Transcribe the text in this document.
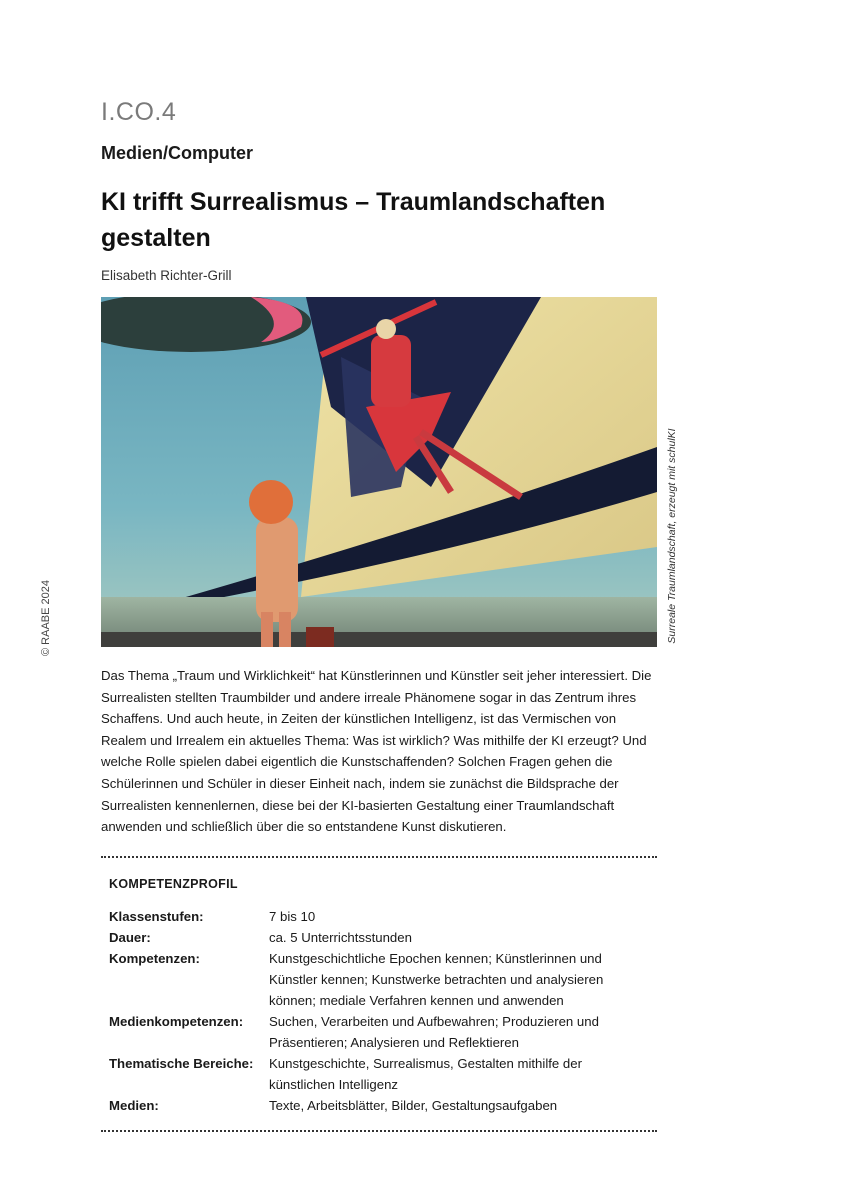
I.CO.4
Medien/Computer
KI trifft Surrealismus – Traumlandschaften gestalten
Elisabeth Richter-Grill
© RAABE 2024	Surreale Traumlandschaft, erzeugt mit schulKI
Das Thema „Traum und Wirklichkeit“ hat Künstlerinnen und Künstler seit jeher interessiert. Die Surrealisten stellten Traumbilder und andere irreale Phänomene sogar in das Zentrum ihres Schaffens. Und auch heute, in Zeiten der künstlichen Intelligenz, ist das Vermischen von Realem und Irrealem ein aktuelles Thema: Was ist wirklich? Was mithilfe der KI erzeugt? Und welche Rolle spielen dabei eigentlich die Kunstschaffenden? Solchen Fragen gehen die Schülerinnen und Schüler in dieser Einheit nach, indem sie zunächst die Bildsprache der Surrealisten kennenlernen, diese bei der KI-basierten Gestaltung einer Traumlandschaft anwenden und schließlich über die so entstandene Kunst diskutieren.
KOMPETENZPROFIL
Klassenstufen:	7 bis 10
Dauer:	ca. 5 Unterrichtsstunden
Kompetenzen:	Kunstgeschichtliche Epochen kennen; Künstlerinnen und Künstler kennen; Kunstwerke betrachten und analysieren können; mediale Verfahren kennen und anwenden
Medienkompetenzen:	Suchen, Verarbeiten und Aufbewahren; Produzieren und Präsentieren; Analysieren und Reflektieren
Thematische Bereiche:	Kunstgeschichte, Surrealismus, Gestalten mithilfe der künstlichen Intelligenz
Medien:	Texte, Arbeitsblätter, Bilder, Gestaltungsaufgaben
